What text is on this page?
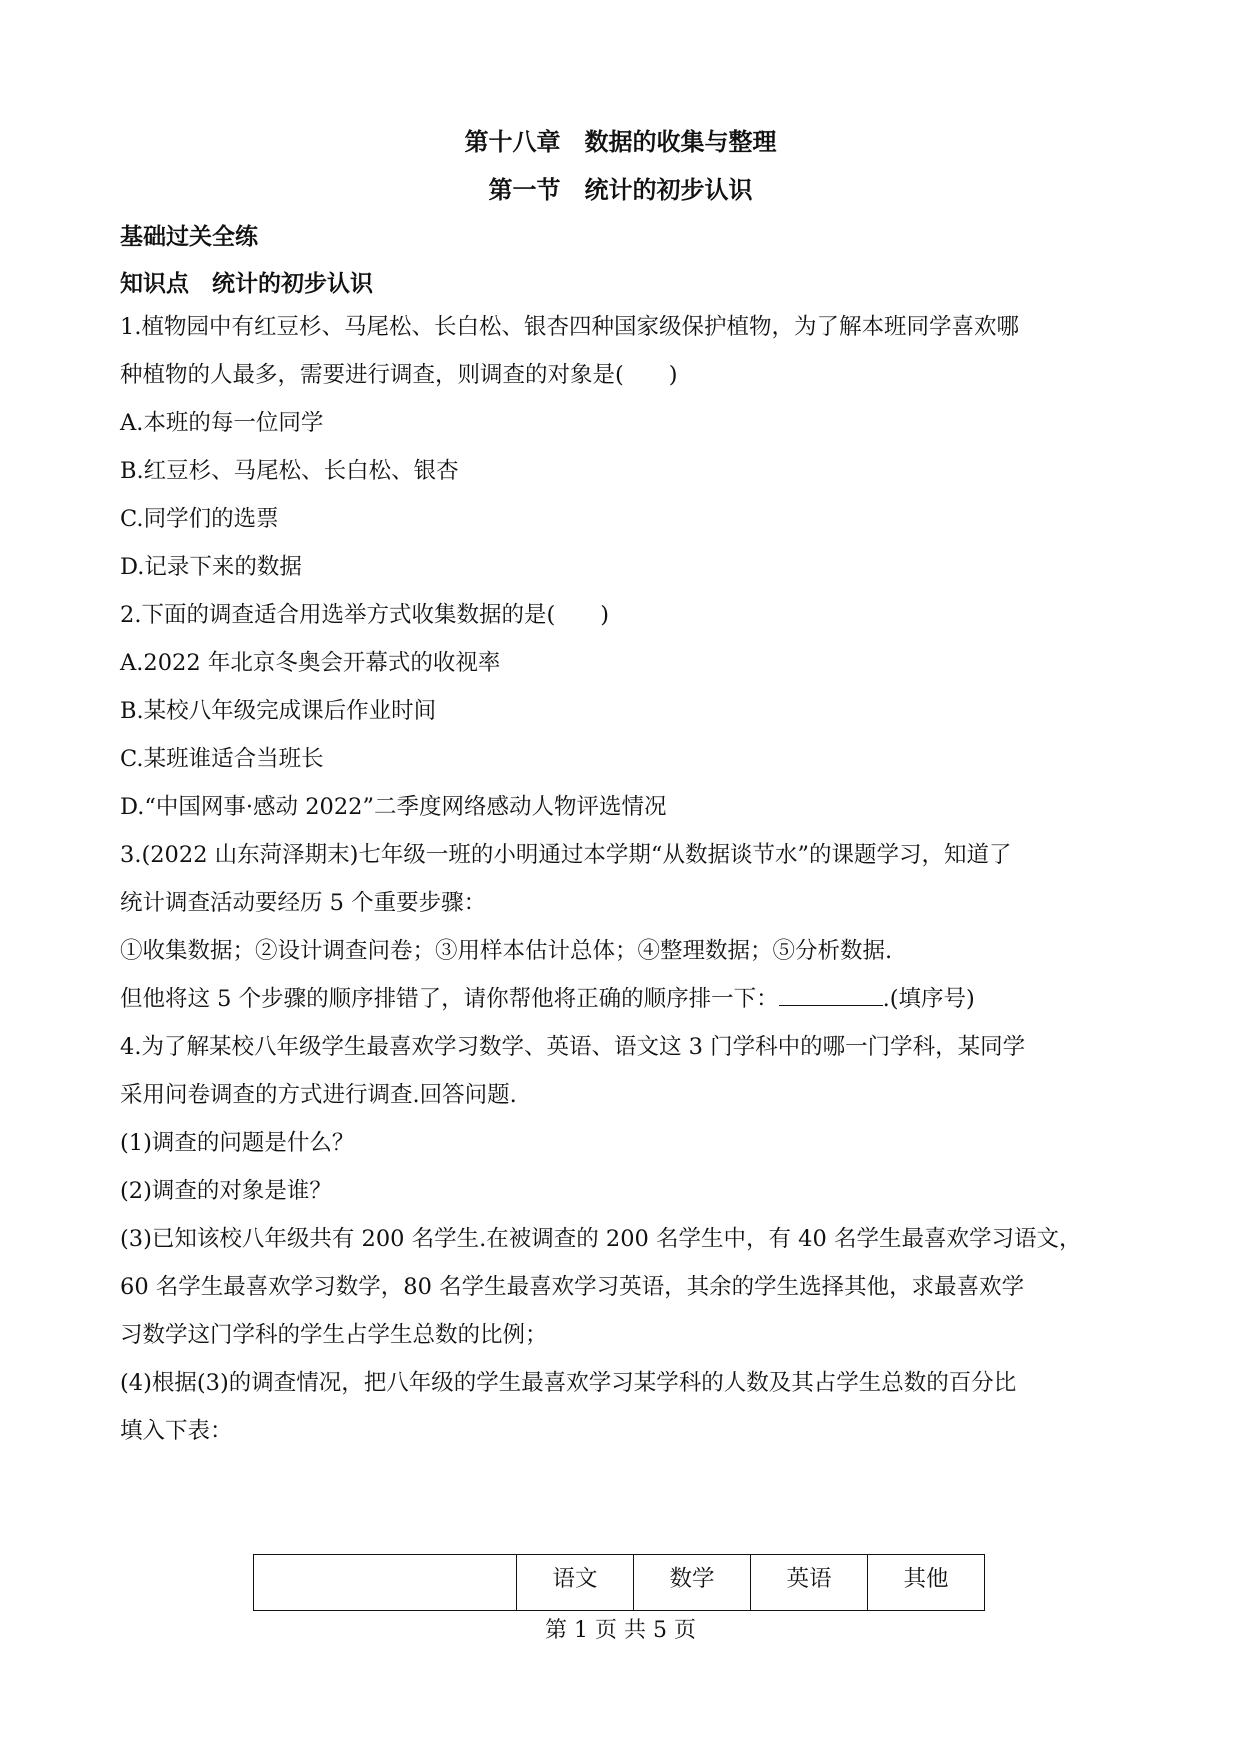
第十八章　数据的收集与整理
第一节　统计的初步认识
基础过关全练
知识点　统计的初步认识
1.植物园中有红豆杉、马尾松、长白松、银杏四种国家级保护植物，为了解本班同学喜欢哪
种植物的人最多，需要进行调查，则调查的对象是(　　)
A.本班的每一位同学
B.红豆杉、马尾松、长白松、银杏
C.同学们的选票
D.记录下来的数据
2.下面的调查适合用选举方式收集数据的是(　　)
A.2022 年北京冬奥会开幕式的收视率
B.某校八年级完成课后作业时间
C.某班谁适合当班长
D.“中国网事·感动 2022”二季度网络感动人物评选情况
3.(2022 山东菏泽期末)七年级一班的小明通过本学期“从数据谈节水”的课题学习，知道了
统计调查活动要经历 5 个重要步骤：
①收集数据；②设计调查问卷；③用样本估计总体；④整理数据；⑤分析数据.
但他将这 5 个步骤的顺序排错了，请你帮他将正确的顺序排一下：	.(填序号)
4.为了解某校八年级学生最喜欢学习数学、英语、语文这 3 门学科中的哪一门学科，某同学
采用问卷调查的方式进行调查.回答问题.
(1)调查的问题是什么？
(2)调查的对象是谁？
(3)已知该校八年级共有 200 名学生.在被调查的 200 名学生中，有 40 名学生最喜欢学习语文，
60 名学生最喜欢学习数学，80 名学生最喜欢学习英语，其余的学生选择其他，求最喜欢学
习数学这门学科的学生占学生总数的比例；
(4)根据(3)的调查情况，把八年级的学生最喜欢学习某学科的人数及其占学生总数的百分比
填入下表：
	语文	数学	英语	其他
第 1 页 共 5 页
